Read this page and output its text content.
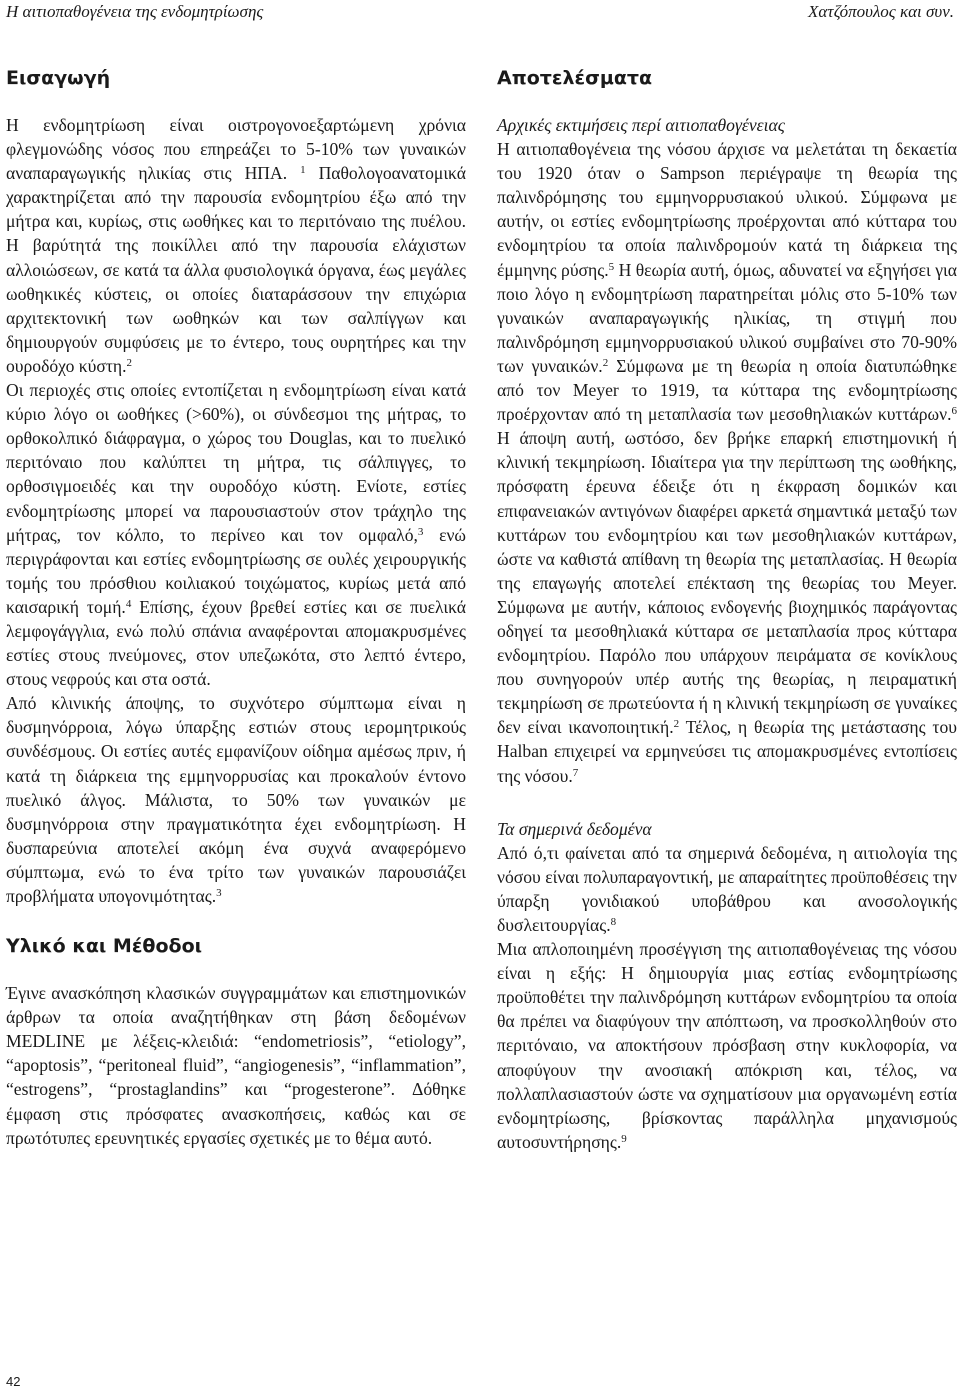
Η αιτιοπαθογένεια της ενδομητρίωσης	Χατζόπουλος και συν.
Εισαγωγή

Η ενδομητρίωση είναι οιστρογονοεξαρτώμενη χρόνια φλεγμονώδης νόσος που επηρεάζει το 5-10% των γυναικών αναπαραγωγικής ηλικίας στις ΗΠΑ. $^1$ Παθολογοανατομικά χαρακτηρίζεται από την παρουσία ενδομητρίου έξω από την μήτρα και, κυρίως, στις ωοθήκες και το περιτόναιο της πυέλου. Η βαρύτητά της ποικίλλει από την παρουσία ελάχιστων αλλοιώσεων, σε κατά τα άλλα φυσιολογικά όργανα, έως μεγάλες ωοθηκικές κύστεις, οι οποίες διαταράσσουν την επιχώρια αρχιτεκτονική των ωοθηκών και των σαλπίγγων και δημιουργούν συμφύσεις με το έντερο, τους ουρητήρες και την ουροδόχο κύστη.$^2$

Οι περιοχές στις οποίες εντοπίζεται η ενδομητρίωση είναι κατά κύριο λόγο οι ωοθήκες (>60%), οι σύνδεσμοι της μήτρας, το ορθοκολπικό διάφραγμα, ο χώρος του Douglas, και το πυελικό περιτόναιο που καλύπτει τη μήτρα, τις σάλπιγγες, το ορθοσιγμοειδές και την ουροδόχο κύστη. Ενίοτε, εστίες ενδομητρίωσης μπορεί να παρουσιαστούν στον τράχηλο της μήτρας, τον κόλπο, το περίνεο και τον ομφαλό,$^3$ ενώ περιγράφονται και εστίες ενδομητρίωσης σε ουλές χειρουργικής τομής του πρόσθιου κοιλιακού τοιχώματος, κυρίως μετά από καισαρική τομή.$^4$ Επίσης, έχουν βρεθεί εστίες και σε πυελικά λεμφογάγγλια, ενώ πολύ σπάνια αναφέρονται απομακρυσμένες εστίες στους πνεύμονες, στον υπεζωκότα, στο λεπτό έντερο, στους νεφρούς και στα οστά.

Από κλινικής άποψης, το συχνότερο σύμπτωμα είναι η δυσμηνόρροια, λόγω ύπαρξης εστιών στους ιερομητρικούς συνδέσμους. Οι εστίες αυτές εμφανίζουν οίδημα αμέσως πριν, ή κατά τη διάρκεια της εμμηνορρυσίας και προκαλούν έντονο πυελικό άλγος. Μάλιστα, το 50% των γυναικών με δυσμηνόρροια στην πραγματικότητα έχει ενδομητρίωση. Η δυσπαρεύνια αποτελεί ακόμη ένα συχνά αναφερόμενο σύμπτωμα, ενώ το ένα τρίτο των γυναικών παρουσιάζει προβλήματα υπογονιμότητας.$^3$

Υλικό και Μέθοδοι

Έγινε ανασκόπηση κλασικών συγγραμμάτων και επιστημονικών άρθρων τα οποία αναζητήθηκαν στη βάση δεδομένων MEDLINE με λέξεις-κλειδιά: “endometriosis”, “etiology”, “apoptosis”, “peritoneal fluid”, “angiogenesis”, “inflammation”, “estrogens”, “prostaglandins” και “progesterone”. Δόθηκε έμφαση στις πρόσφατες ανασκοπήσεις, καθώς και σε πρωτότυπες ερευνητικές εργασίες σχετικές με το θέμα αυτό.

Αποτελέσματα

Αρχικές εκτιμήσεις περί αιτιοπαθογένειας

Η αιτιοπαθογένεια της νόσου άρχισε να μελετάται τη δεκαετία του 1920 όταν ο Sampson περιέγραψε τη θεωρία της παλινδρόμησης του εμμηνορρυσιακού υλικού. Σύμφωνα με αυτήν, οι εστίες ενδομητρίωσης προέρχονται από κύτταρα του ενδομητρίου τα οποία παλινδρομούν κατά τη διάρκεια της έμμηνης ρύσης.$^5$ Η θεωρία αυτή, όμως, αδυνατεί να εξηγήσει για ποιο λόγο η ενδομητρίωση παρατηρείται μόλις στο 5-10% των γυναικών αναπαραγωγικής ηλικίας, τη στιγμή που παλινδρόμηση εμμηνορρυσιακού υλικού συμβαίνει στο 70-90% των γυναικών.$^2$ Σύμφωνα με τη θεωρία η οποία διατυπώθηκε από τον Meyer το 1919, τα κύτταρα της ενδομητρίωσης προέρχονταν από τη μεταπλασία των μεσοθηλιακών κυττάρων.$^6$ Η άποψη αυτή, ωστόσο, δεν βρήκε επαρκή επιστημονική ή κλινική τεκμηρίωση. Ιδιαίτερα για την περίπτωση της ωοθήκης, πρόσφατη έρευνα έδειξε ότι η έκφραση δομικών και επιφανειακών αντιγόνων διαφέρει αρκετά σημαντικά μεταξύ των κυττάρων του ενδομητρίου και των μεσοθηλιακών κυττάρων, ώστε να καθιστά απίθανη τη θεωρία της μεταπλασίας. Η θεωρία της επαγωγής αποτελεί επέκταση της θεωρίας του Meyer. Σύμφωνα με αυτήν, κάποιος ενδογενής βιοχημικός παράγοντας οδηγεί τα μεσοθηλιακά κύτταρα σε μεταπλασία προς κύτταρα ενδομητρίου. Παρόλο που υπάρχουν πειράματα σε κονίκλους που συνηγορούν υπέρ αυτής της θεωρίας, η πειραματική τεκμηρίωση σε πρωτεύοντα ή η κλινική τεκμηρίωση σε γυναίκες δεν είναι ικανοποιητική.$^2$ Τέλος, η θεωρία της μετάστασης του Halban επιχειρεί να ερμηνεύσει τις απομακρυσμένες εντοπίσεις της νόσου.$^7$

Τα σημερινά δεδομένα

Από ό,τι φαίνεται από τα σημερινά δεδομένα, η αιτιολογία της νόσου είναι πολυπαραγοντική, με απαραίτητες προϋποθέσεις την ύπαρξη γονιδιακού υποβάθρου και ανοσολογικής δυσλειτουργίας.$^8$

Μια απλοποιημένη προσέγγιση της αιτιοπαθογένειας της νόσου είναι η εξής: Η δημιουργία μιας εστίας ενδομητρίωσης προϋποθέτει την παλινδρόμηση κυττάρων ενδομητρίου τα οποία θα πρέπει να διαφύγουν την απόπτωση, να προσκολληθούν στο περιτόναιο, να αποκτήσουν πρόσβαση στην κυκλοφορία, να αποφύγουν την ανοσιακή απόκριση και, τέλος, να πολλαπλασιαστούν ώστε να σχηματίσουν μια οργανωμένη εστία ενδομητρίωσης, βρίσκοντας παράλληλα μηχανισμούς αυτοσυντήρησης.$^9$

42
